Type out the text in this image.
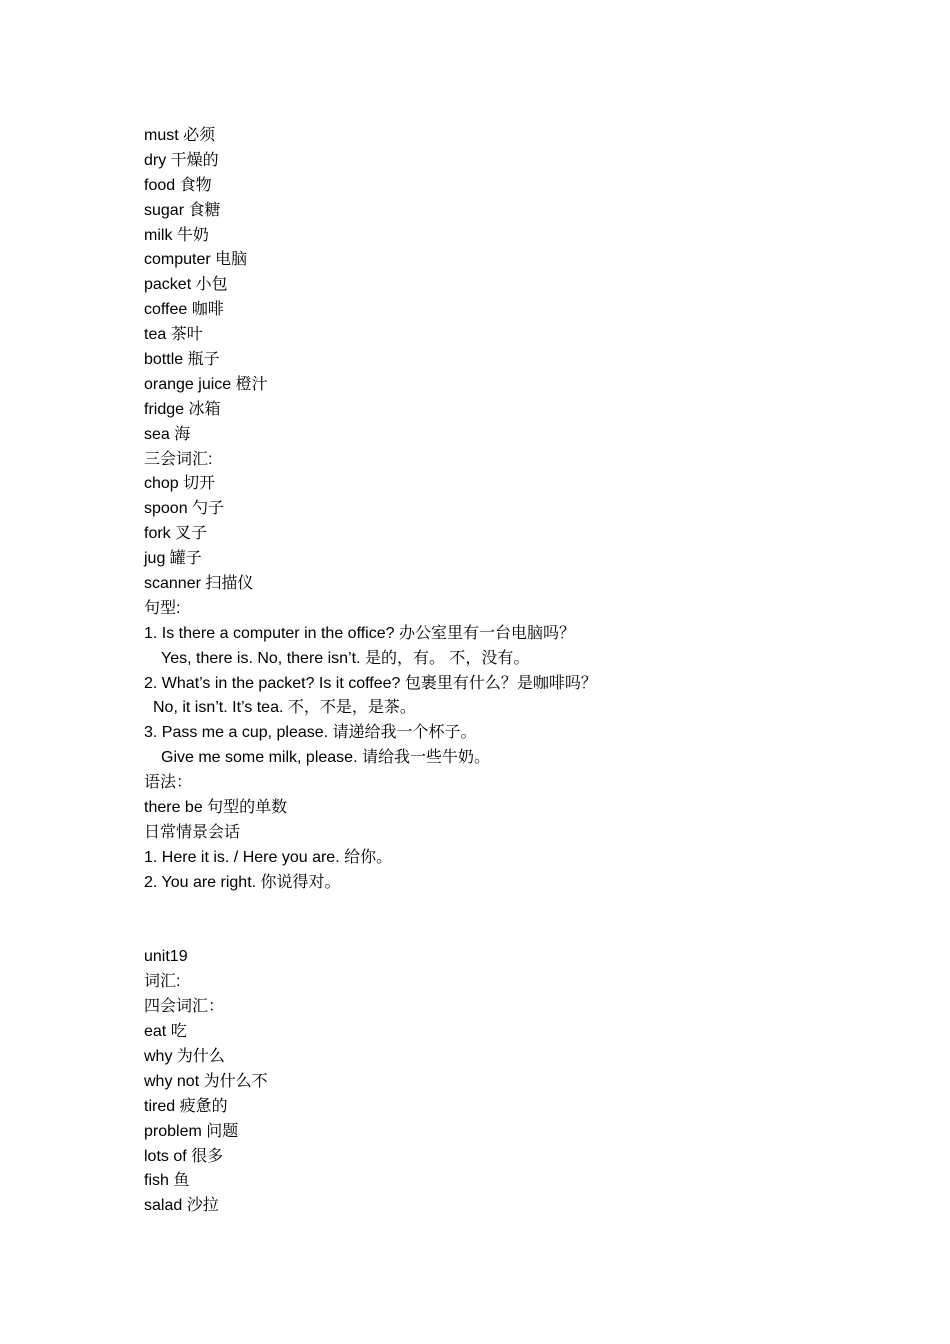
must 必须
dry 干燥的
food 食物
sugar 食糖
milk 牛奶
computer 电脑
packet 小包
coffee 咖啡
tea 茶叶
bottle 瓶子
orange juice 橙汁
fridge 冰箱
sea 海
三会词汇:
chop 切开
spoon 勺子
fork 叉子
jug 罐子
scanner 扫描仪
句型:
1. Is there a computer in the office? 办公室里有一台电脑吗？
Yes, there is. No, there isn’t. 是的，有。 不，没有。
2. What’s in the packet? Is it coffee? 包裹里有什么？是咖啡吗？
No, it isn’t. It’s tea. 不，不是，是茶。
3. Pass me a cup, please. 请递给我一个杯子。
Give me some milk, please. 请给我一些牛奶。
语法：
there be 句型的单数
日常情景会话
1. Here it is. / Here you are. 给你。
2. You are right. 你说得对。
unit19
词汇:
四会词汇：
eat 吃
why 为什么
why not 为什么不
tired 疲惫的
problem 问题
lots of 很多
fish 鱼
salad 沙拉
